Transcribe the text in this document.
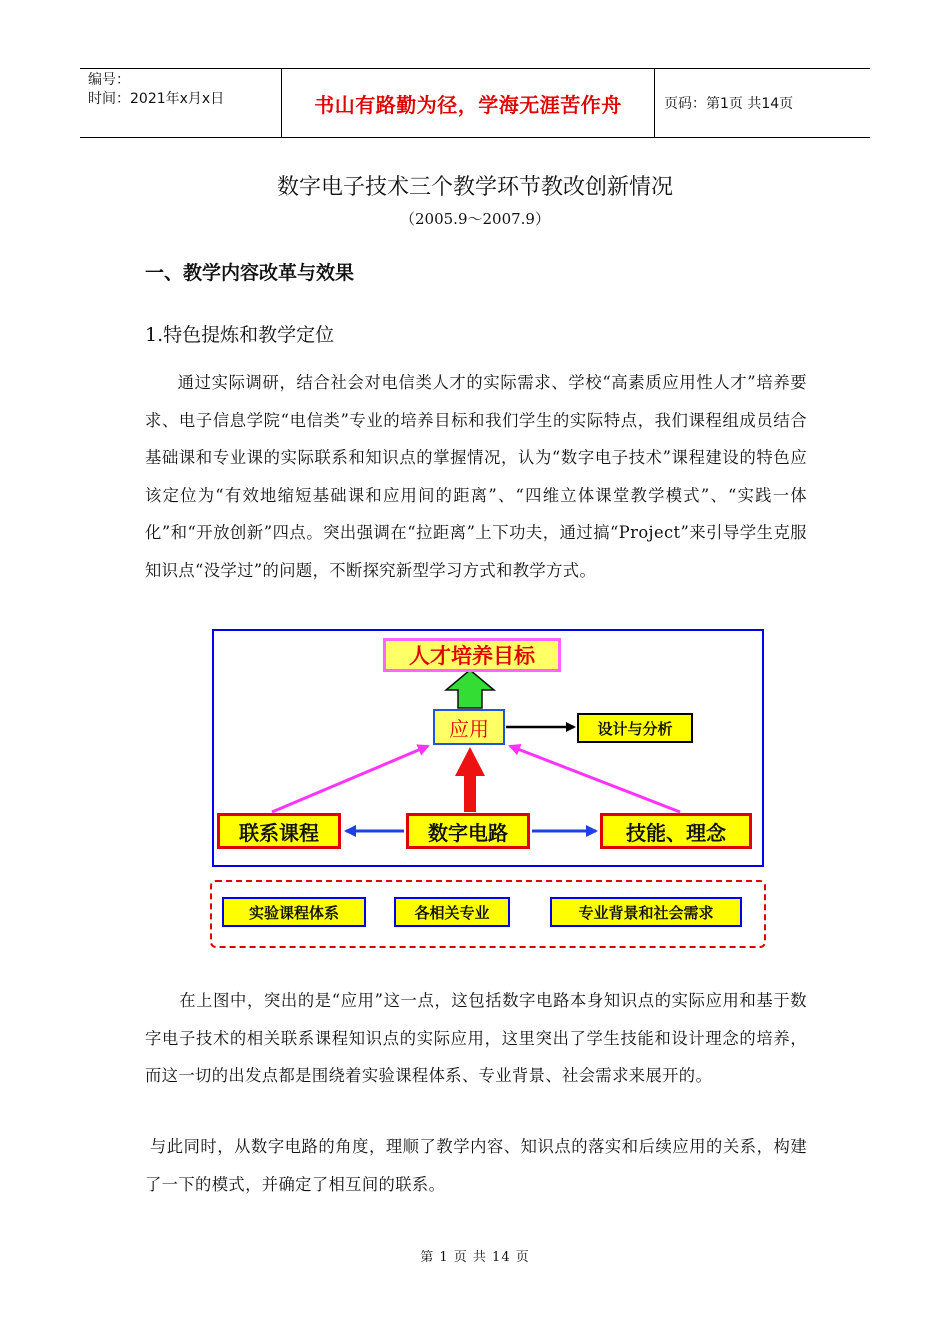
编号：
时间：2021年x月x日	书山有路勤为径，学海无涯苦作舟	页码：第1页 共14页
数字电子技术三个教学环节教改创新情况
（2005.9～2007.9）
一、教学内容改革与效果
1.特色提炼和教学定位
通过实际调研，结合社会对电信类人才的实际需求、学校“高素质应用性人才”培养要求、电子信息学院“电信类”专业的培养目标和我们学生的实际特点，我们课程组成员结合基础课和专业课的实际联系和知识点的掌握情况，认为“数字电子技术”课程建设的特色应该定位为“有效地缩短基础课和应用间的距离”、“四维立体课堂教学模式”、“实践一体化”和“开放创新”四点。突出强调在“拉距离”上下功夫，通过搞“Project”来引导学生克服知识点“没学过”的问题，不断探究新型学习方式和教学方式。
人才培养目标
应用	设计与分析
联系课程	数字电路	技能、理念
实验课程体系	各相关专业	专业背景和社会需求
在上图中，突出的是“应用”这一点，这包括数字电路本身知识点的实际应用和基于数字电子技术的相关联系课程知识点的实际应用，这里突出了学生技能和设计理念的培养，而这一切的出发点都是围绕着实验课程体系、专业背景、社会需求来展开的。
与此同时，从数字电路的角度，理顺了教学内容、知识点的落实和后续应用的关系，构建了一下的模式，并确定了相互间的联系。
第 1 页 共 14 页
